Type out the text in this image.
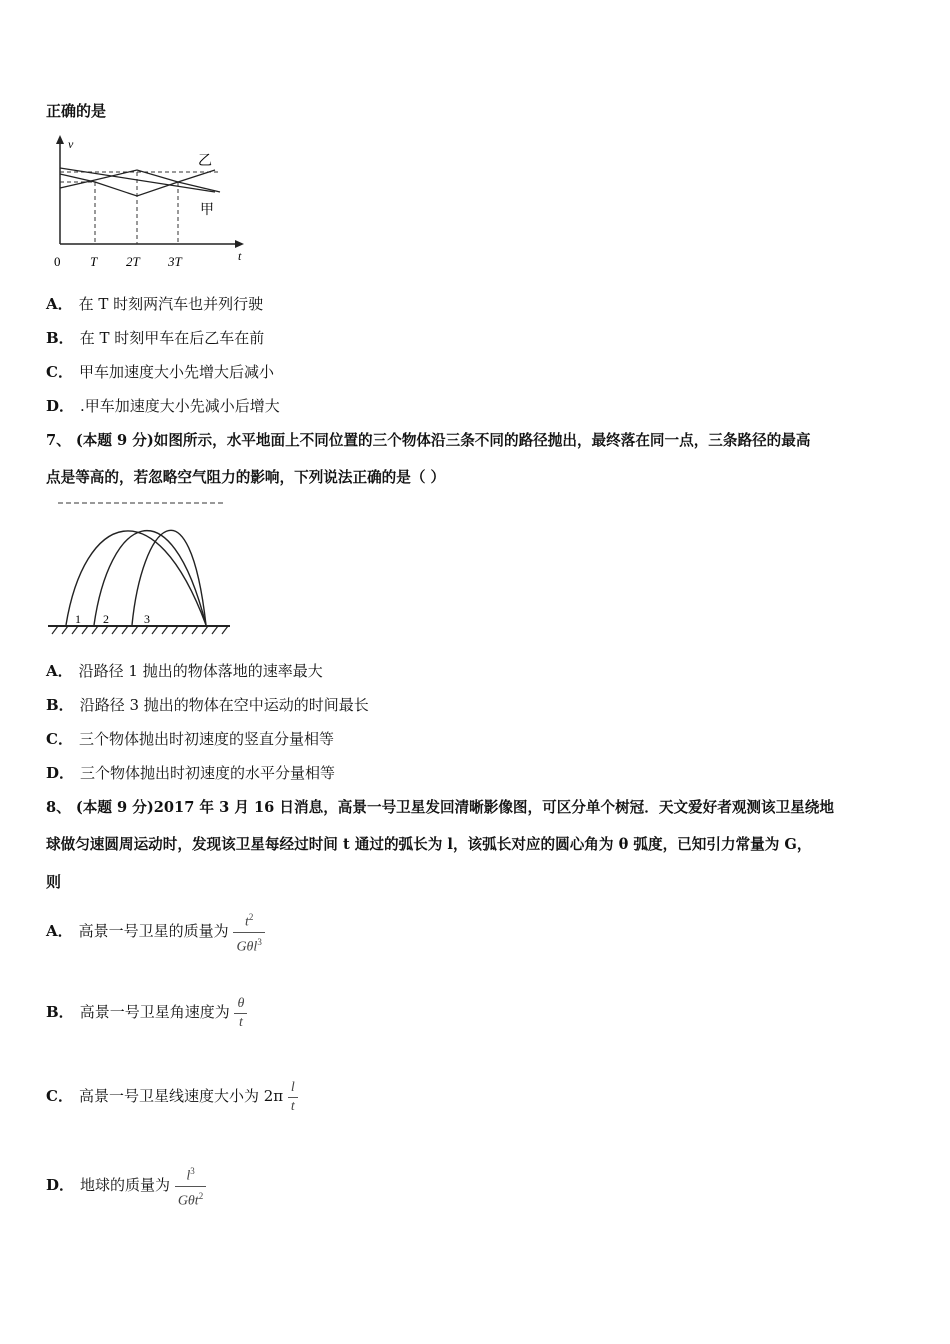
正确的是
v
t
0 T 2T 3T
乙
甲
A． 在 T 时刻两汽车也并列行驶
B． 在 T 时刻甲车在后乙车在前
C． 甲车加速度大小先增大后减小
D． .甲车加速度大小先减小后增大
7、 (本题 9 分)如图所示，水平地面上不同位置的三个物体沿三条不同的路径抛出，最终落在同一点，三条路径的最高
点是等高的，若忽略空气阻力的影响，下列说法正确的是（ ）
1 2	3
A． 沿路径 1 抛出的物体落地的速率最大
B． 沿路径 3 抛出的物体在空中运动的时间最长
C． 三个物体抛出时初速度的竖直分量相等
D． 三个物体抛出时初速度的水平分量相等
8、 (本题 9 分)2017 年 3 月 16 日消息，高景一号卫星发回清晰影像图，可区分单个树冠．天文爱好者观测该卫星绕地
球做匀速圆周运动时，发现该卫星每经过时间 t 通过的弧长为 l，该弧长对应的圆心角为 θ 弧度，已知引力常量为 G，
则
A． 高景一号卫星的质量为 $\frac{t^2}{G\theta l^3}$
B． 高景一号卫星角速度为 $\frac{\theta}{t}$
C． 高景一号卫星线速度大小为 $2\pi \frac{l}{t}$
D． 地球的质量为 $\frac{l^3}{G\theta t^2}$
